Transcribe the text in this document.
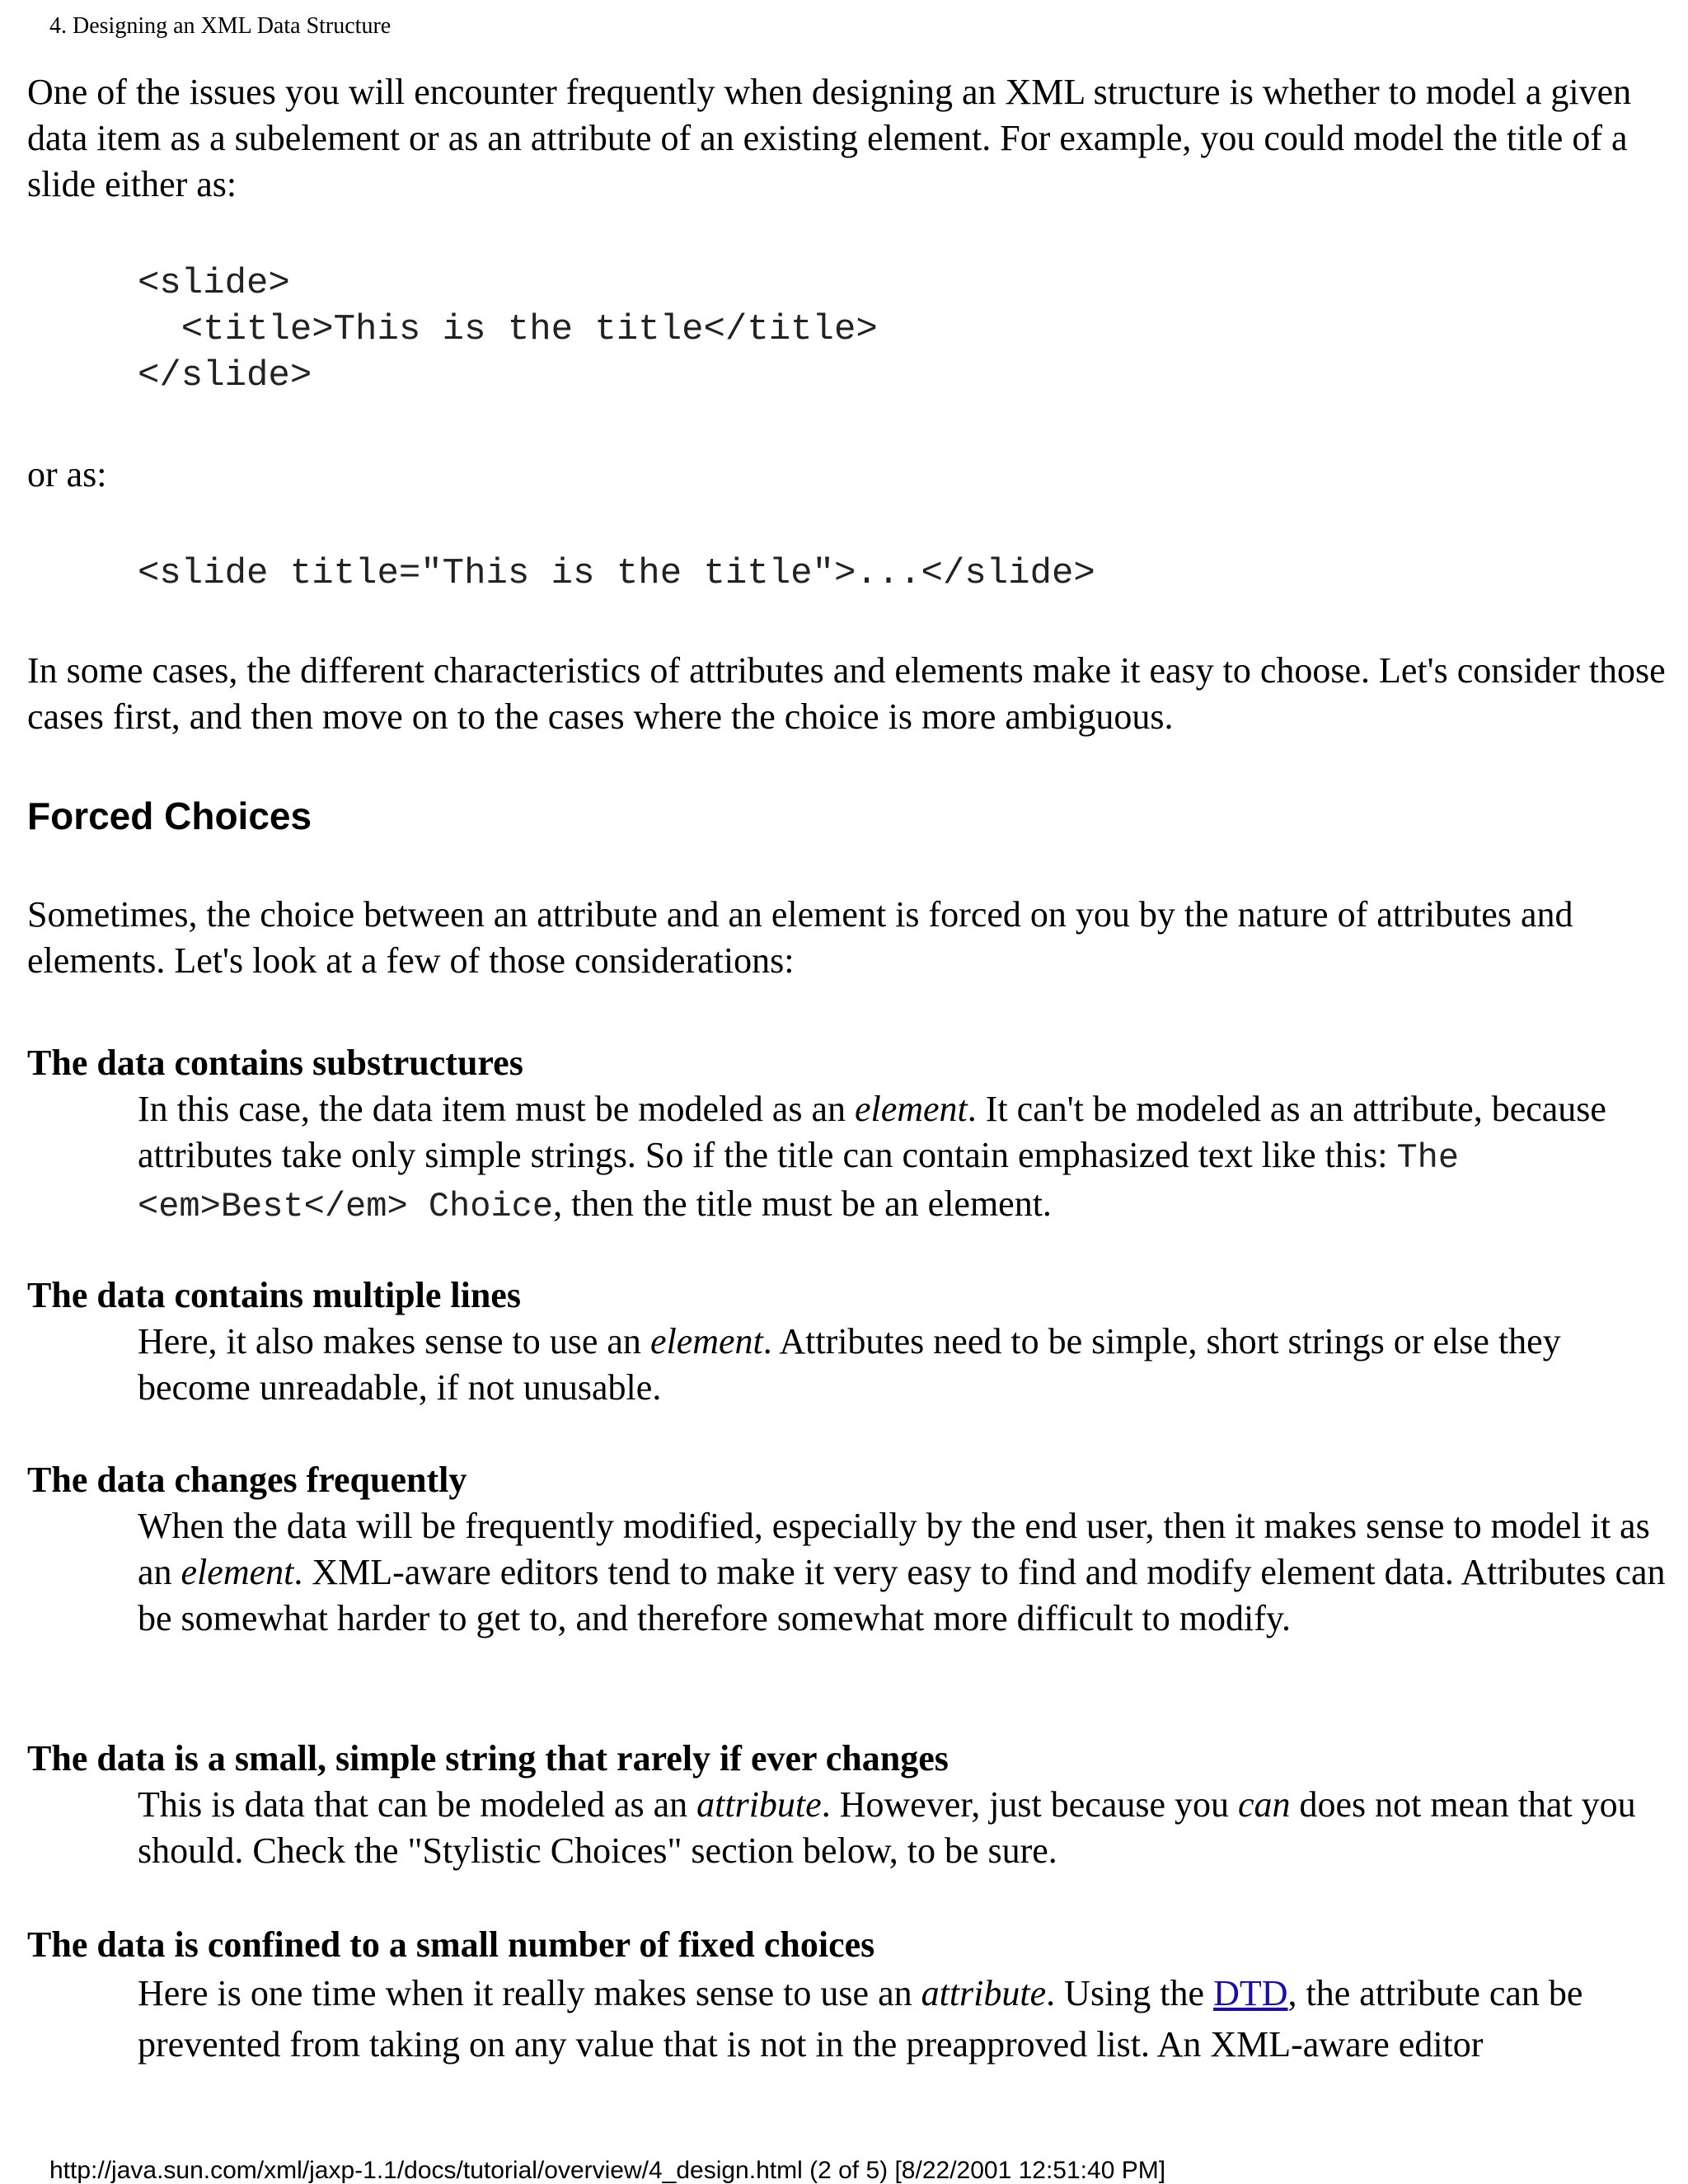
4. Designing an XML Data Structure
One of the issues you will encounter frequently when designing an XML structure is whether to model a given data item as a subelement or as an attribute of an existing element. For example, you could model the title of a slide either as:
<slide>
<title>This is the title</title>
</slide>
or as:
<slide title="This is the title">...</slide>
In some cases, the different characteristics of attributes and elements make it easy to choose. Let's consider those cases first, and then move on to the cases where the choice is more ambiguous.
Forced Choices
Sometimes, the choice between an attribute and an element is forced on you by the nature of attributes and elements. Let's look at a few of those considerations:
The data contains substructures
In this case, the data item must be modeled as an element. It can't be modeled as an attribute, because attributes take only simple strings. So if the title can contain emphasized text like this: The <em>Best</em> Choice, then the title must be an element.
The data contains multiple lines
Here, it also makes sense to use an element. Attributes need to be simple, short strings or else they become unreadable, if not unusable.
The data changes frequently
When the data will be frequently modified, especially by the end user, then it makes sense to model it as an element. XML-aware editors tend to make it very easy to find and modify element data. Attributes can be somewhat harder to get to, and therefore somewhat more difficult to modify.
The data is a small, simple string that rarely if ever changes
This is data that can be modeled as an attribute. However, just because you can does not mean that you should. Check the "Stylistic Choices" section below, to be sure.
The data is confined to a small number of fixed choices
Here is one time when it really makes sense to use an attribute. Using the DTD, the attribute can be prevented from taking on any value that is not in the preapproved list. An XML-aware editor
http://java.sun.com/xml/jaxp-1.1/docs/tutorial/overview/4_design.html (2 of 5) [8/22/2001 12:51:40 PM]
